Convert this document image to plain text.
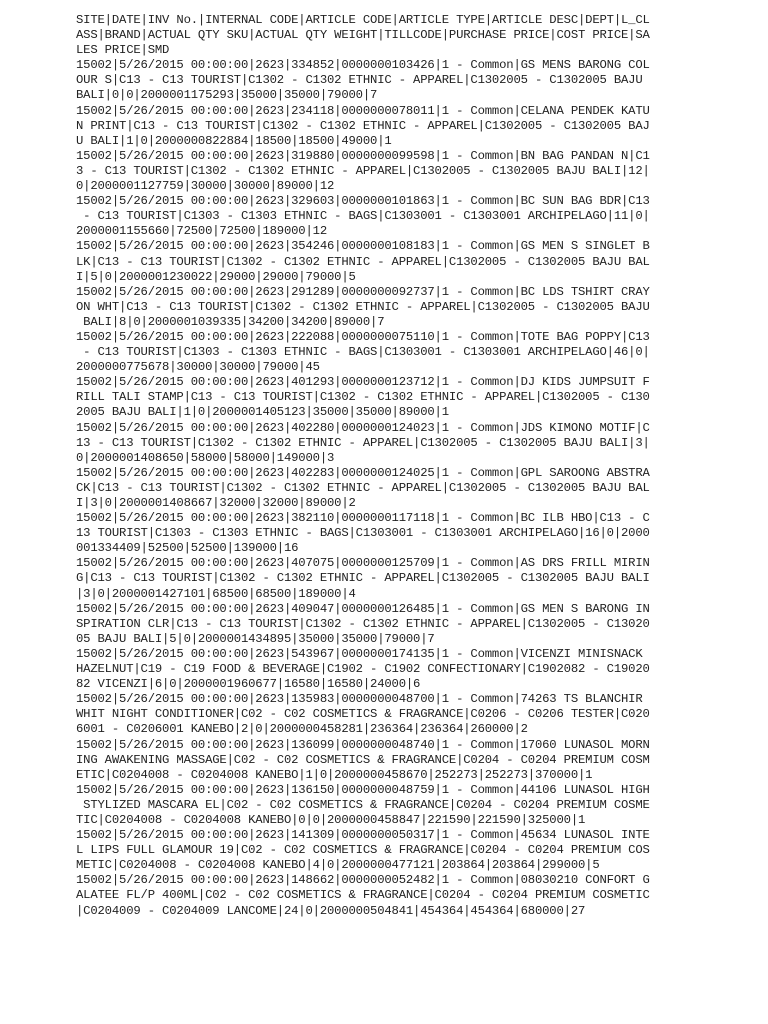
SITE|DATE|INV No.|INTERNAL CODE|ARTICLE CODE|ARTICLE TYPE|ARTICLE DESC|DEPT|L_CL
ASS|BRAND|ACTUAL QTY SKU|ACTUAL QTY WEIGHT|TILLCODE|PURCHASE PRICE|COST PRICE|SA
LES PRICE|SMD
15002|5/26/2015 00:00:00|2623|334852|0000000103426|1 - Common|GS MENS BARONG COL
OUR S|C13 - C13 TOURIST|C1302 - C1302 ETHNIC - APPAREL|C1302005 - C1302005 BAJU
BALI|0|0|2000001175293|35000|35000|79000|7
15002|5/26/2015 00:00:00|2623|234118|0000000078011|1 - Common|CELANA PENDEK KATU
N PRINT|C13 - C13 TOURIST|C1302 - C1302 ETHNIC - APPAREL|C1302005 - C1302005 BAJ
U BALI|1|0|2000000822884|18500|18500|49000|1
15002|5/26/2015 00:00:00|2623|319880|0000000099598|1 - Common|BN BAG PANDAN N|C1
3 - C13 TOURIST|C1302 - C1302 ETHNIC - APPAREL|C1302005 - C1302005 BAJU BALI|12|
0|2000001127759|30000|30000|89000|12
15002|5/26/2015 00:00:00|2623|329603|0000000101863|1 - Common|BC SUN BAG BDR|C13
- C13 TOURIST|C1303 - C1303 ETHNIC - BAGS|C1303001 - C1303001 ARCHIPELAGO|11|0|
2000001155660|72500|72500|189000|12
15002|5/26/2015 00:00:00|2623|354246|0000000108183|1 - Common|GS MEN S SINGLET B
LK|C13 - C13 TOURIST|C1302 - C1302 ETHNIC - APPAREL|C1302005 - C1302005 BAJU BAL
I|5|0|2000001230022|29000|29000|79000|5
15002|5/26/2015 00:00:00|2623|291289|0000000092737|1 - Common|BC LDS TSHIRT CRAY
ON WHT|C13 - C13 TOURIST|C1302 - C1302 ETHNIC - APPAREL|C1302005 - C1302005 BAJU
BALI|8|0|2000001039335|34200|34200|89000|7
15002|5/26/2015 00:00:00|2623|222088|0000000075110|1 - Common|TOTE BAG POPPY|C13
- C13 TOURIST|C1303 - C1303 ETHNIC - BAGS|C1303001 - C1303001 ARCHIPELAGO|46|0|
2000000775678|30000|30000|79000|45
15002|5/26/2015 00:00:00|2623|401293|0000000123712|1 - Common|DJ KIDS JUMPSUIT F
RILL TALI STAMP|C13 - C13 TOURIST|C1302 - C1302 ETHNIC - APPAREL|C1302005 - C130
2005 BAJU BALI|1|0|2000001405123|35000|35000|89000|1
15002|5/26/2015 00:00:00|2623|402280|0000000124023|1 - Common|JDS KIMONO MOTIF|C
13 - C13 TOURIST|C1302 - C1302 ETHNIC - APPAREL|C1302005 - C1302005 BAJU BALI|3|
0|2000001408650|58000|58000|149000|3
15002|5/26/2015 00:00:00|2623|402283|0000000124025|1 - Common|GPL SAROONG ABSTRA
CK|C13 - C13 TOURIST|C1302 - C1302 ETHNIC - APPAREL|C1302005 - C1302005 BAJU BAL
I|3|0|2000001408667|32000|32000|89000|2
15002|5/26/2015 00:00:00|2623|382110|0000000117118|1 - Common|BC ILB HBO|C13 - C
13 TOURIST|C1303 - C1303 ETHNIC - BAGS|C1303001 - C1303001 ARCHIPELAGO|16|0|2000
001334409|52500|52500|139000|16
15002|5/26/2015 00:00:00|2623|407075|0000000125709|1 - Common|AS DRS FRILL MIRIN
G|C13 - C13 TOURIST|C1302 - C1302 ETHNIC - APPAREL|C1302005 - C1302005 BAJU BALI
|3|0|2000001427101|68500|68500|189000|4
15002|5/26/2015 00:00:00|2623|409047|0000000126485|1 - Common|GS MEN S BARONG IN
SPIRATION CLR|C13 - C13 TOURIST|C1302 - C1302 ETHNIC - APPAREL|C1302005 - C13020
05 BAJU BALI|5|0|2000001434895|35000|35000|79000|7
15002|5/26/2015 00:00:00|2623|543967|0000000174135|1 - Common|VICENZI MINISNACK
HAZELNUT|C19 - C19 FOOD & BEVERAGE|C1902 - C1902 CONFECTIONARY|C1902082 - C19020
82 VICENZI|6|0|2000001960677|16580|16580|24000|6
15002|5/26/2015 00:00:00|2623|135983|0000000048700|1 - Common|74263 TS BLANCHIR
WHIT NIGHT CONDITIONER|C02 - C02 COSMETICS & FRAGRANCE|C0206 - C0206 TESTER|C020
6001 - C0206001 KANEBO|2|0|2000000458281|236364|236364|260000|2
15002|5/26/2015 00:00:00|2623|136099|0000000048740|1 - Common|17060 LUNASOL MORN
ING AWAKENING MASSAGE|C02 - C02 COSMETICS & FRAGRANCE|C0204 - C0204 PREMIUM COSM
ETIC|C0204008 - C0204008 KANEBO|1|0|2000000458670|252273|252273|370000|1
15002|5/26/2015 00:00:00|2623|136150|0000000048759|1 - Common|44106 LUNASOL HIGH
STYLIZED MASCARA EL|C02 - C02 COSMETICS & FRAGRANCE|C0204 - C0204 PREMIUM COSME
TIC|C0204008 - C0204008 KANEBO|0|0|2000000458847|221590|221590|325000|1
15002|5/26/2015 00:00:00|2623|141309|0000000050317|1 - Common|45634 LUNASOL INTE
L LIPS FULL GLAMOUR 19|C02 - C02 COSMETICS & FRAGRANCE|C0204 - C0204 PREMIUM COS
METIC|C0204008 - C0204008 KANEBO|4|0|2000000477121|203864|203864|299000|5
15002|5/26/2015 00:00:00|2623|148662|0000000052482|1 - Common|08030210 CONFORT G
ALATEE FL/P 400ML|C02 - C02 COSMETICS & FRAGRANCE|C0204 - C0204 PREMIUM COSMETIC
|C0204009 - C0204009 LANCOME|24|0|2000000504841|454364|454364|680000|27
